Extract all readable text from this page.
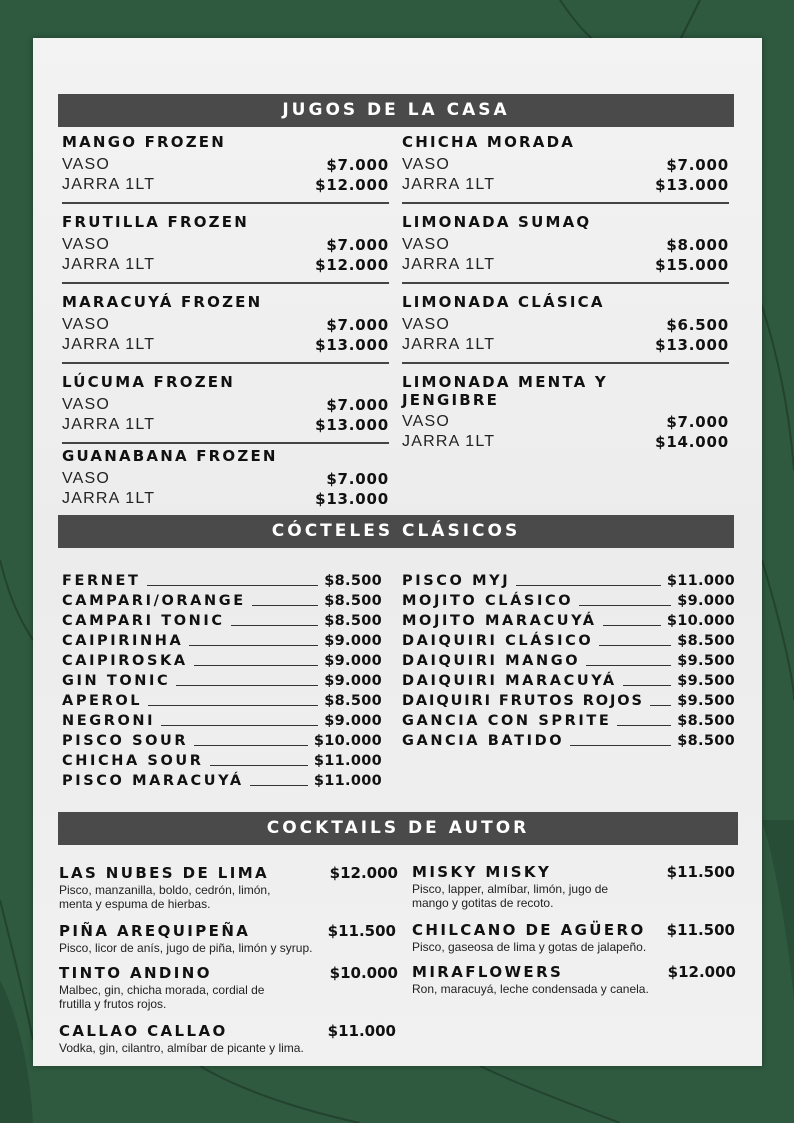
JUGOS DE LA CASA
MANGO FROZEN
VASO	$7.000
JARRA 1LT	$12.000
FRUTILLA FROZEN
VASO	$7.000
JARRA 1LT	$12.000
MARACUYÁ FROZEN
VASO	$7.000
JARRA 1LT	$13.000
LÚCUMA FROZEN
VASO	$7.000
JARRA 1LT	$13.000
GUANABANA FROZEN
VASO	$7.000
JARRA 1LT	$13.000
CHICHA MORADA
VASO	$7.000
JARRA 1LT	$13.000
LIMONADA SUMAQ
VASO	$8.000
JARRA 1LT	$15.000
LIMONADA CLÁSICA
VASO	$6.500
JARRA 1LT	$13.000
LIMONADA MENTA Y
JENGIBRE
VASO	$7.000
JARRA 1LT	$14.000
CÓCTELES CLÁSICOS
FERNET	$8.500
CAMPARI/ORANGE	$8.500
CAMPARI TONIC	$8.500
CAIPIRINHA	$9.000
CAIPIROSKA	$9.000
GIN TONIC	$9.000
APEROL	$8.500
NEGRONI	$9.000
PISCO SOUR	$10.000
CHICHA SOUR	$11.000
PISCO MARACUYÁ	$11.000
PISCO MYJ	$11.000
MOJITO CLÁSICO	$9.000
MOJITO MARACUYÁ	$10.000
DAIQUIRI CLÁSICO	$8.500
DAIQUIRI MANGO	$9.500
DAIQUIRI MARACUYÁ	$9.500
DAIQUIRI FRUTOS ROJOS $9.500
GANCIA CON SPRITE	$8.500
GANCIA BATIDO	$8.500
COCKTAILS DE AUTOR
LAS NUBES DE LIMA	$12.000
Pisco, manzanilla, boldo, cedrón, limón,
menta y espuma de hierbas.
PIÑA AREQUIPEÑA	$11.500
Pisco, licor de anís, jugo de piña, limón y syrup.
TINTO ANDINO	$10.000
Malbec, gin, chicha morada, cordial de
frutilla y frutos rojos.
CALLAO CALLAO	$11.000
Vodka, gin, cilantro, almíbar de picante y lima.
MISKY MISKY	$11.500
Pisco, lapper, almíbar, limón, jugo de
mango y gotitas de recoto.
CHILCANO DE AGÜERO	$11.500
Pisco, gaseosa de lima y gotas de jalapeño.
MIRAFLOWERS	$12.000
Ron, maracuyá, leche condensada y canela.
